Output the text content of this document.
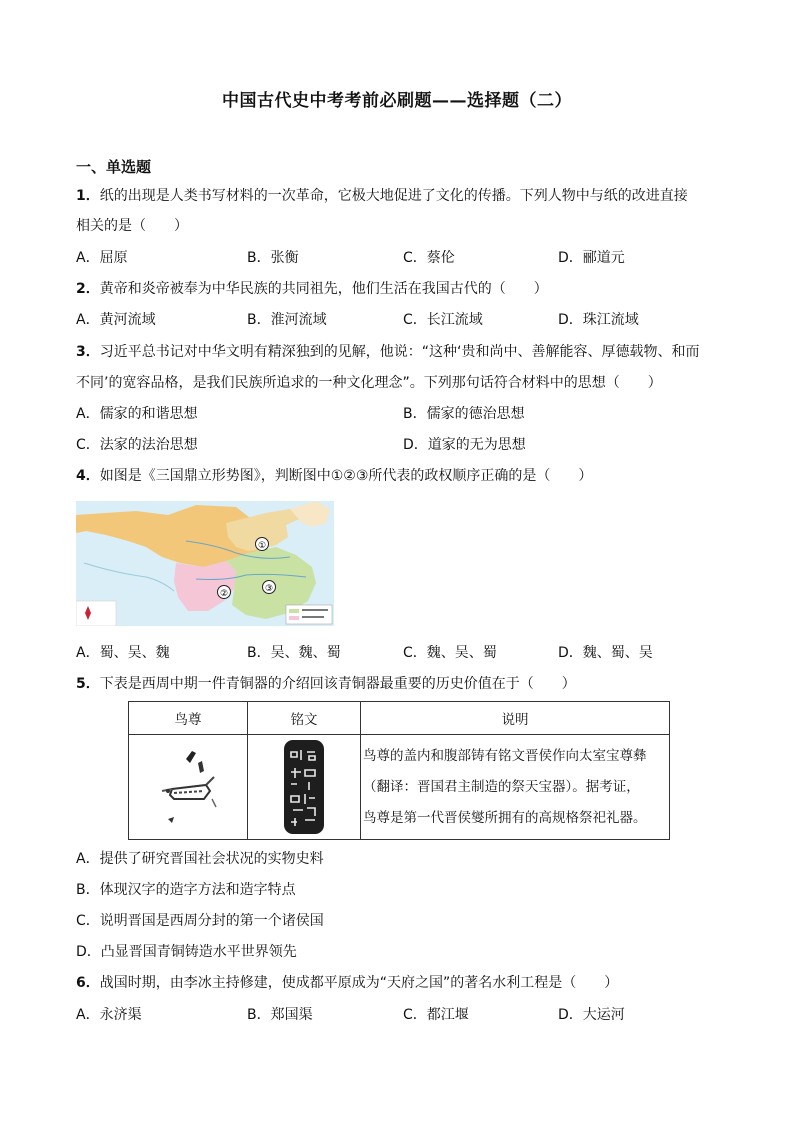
中国古代史中考考前必刷题——选择题（二）
一、单选题
1．纸的出现是人类书写材料的一次革命，它极大地促进了文化的传播。下列人物中与纸的改进直接
相关的是（　　）
A．屈原	B．张衡	C．蔡伦	D．郦道元
2．黄帝和炎帝被奉为中华民族的共同祖先，他们生活在我国古代的（　　）
A．黄河流域	B．淮河流域	C．长江流域	D．珠江流域
3．习近平总书记对中华文明有精深独到的见解，他说：“这种‘贵和尚中、善解能容、厚德载物、和而
不同’的宽容品格，是我们民族所追求的一种文化理念”。下列那句话符合材料中的思想（　　）
A．儒家的和谐思想	B．儒家的德治思想
C．法家的法治思想	D．道家的无为思想
4．如图是《三国鼎立形势图》，判断图中①②③所代表的政权顺序正确的是（　　）
①
②	③
A．蜀、吴、魏	B．吴、魏、蜀	C．魏、吴、蜀	D．魏、蜀、吴
5．下表是西周中期一件青铜器的介绍回该青铜器最重要的历史价值在于（　　）
鸟尊	铭文	说明

鸟尊的盖内和腹部铸有铭文晋侯作向太室宝尊彝
（翻译：晋国君主制造的祭天宝器）。据考证，
鸟尊是第一代晋侯燮所拥有的高规格祭祀礼器。
A．提供了研究晋国社会状况的实物史料
B．体现汉字的造字方法和造字特点
C．说明晋国是西周分封的第一个诸侯国
D．凸显晋国青铜铸造水平世界领先
6．战国时期，由李冰主持修建，使成都平原成为“天府之国”的著名水利工程是（　　）
A．永济渠	B．郑国渠	C．都江堰	D．大运河
